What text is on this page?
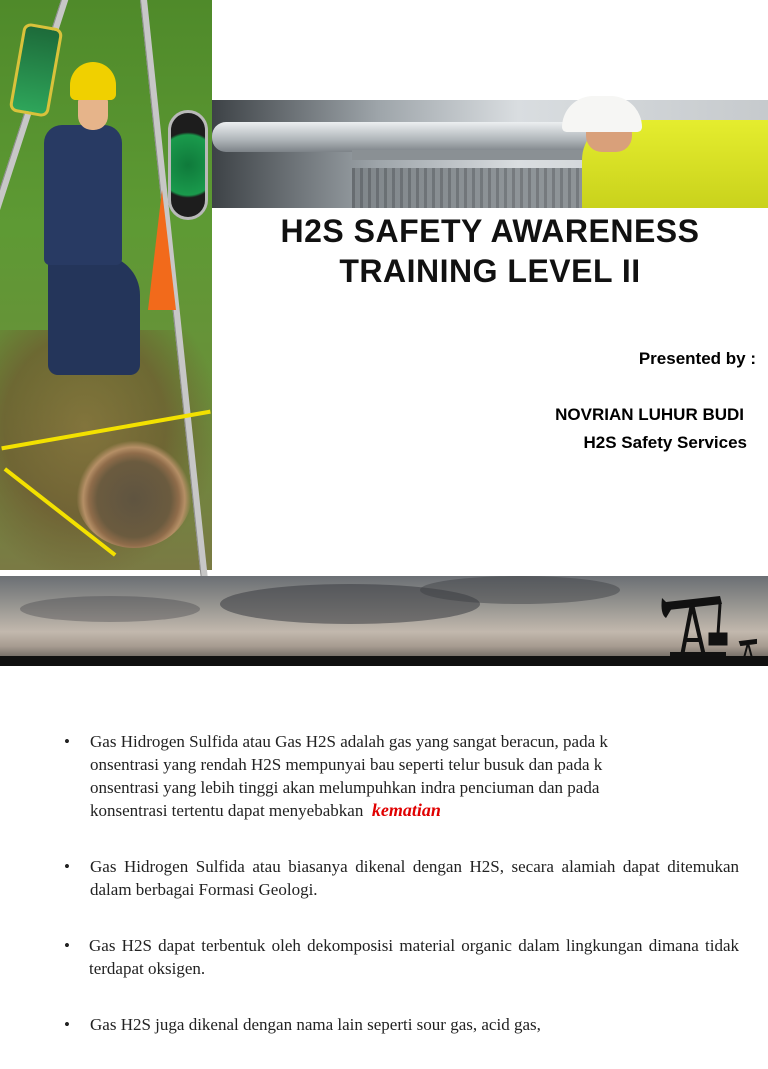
H2S SAFETY AWARENESS
TRAINING LEVEL II
Presented by :
NOVRIAN LUHUR BUDI
H2S Safety Services
• Gas Hidrogen Sulfida atau Gas H2S adalah gas yang sangat beracun, pada k
onsentrasi yang rendah H2S mempunyai bau seperti telur busuk dan pada k
onsentrasi yang lebih tinggi akan melumpuhkan indra penciuman dan pada
konsentrasi tertentu dapat menyebabkan  kematian
• Gas Hidrogen Sulfida atau biasanya dikenal dengan H2S, secara alamiah dapat ditemukan dalam berbagai Formasi Geologi.
• Gas H2S dapat terbentuk oleh dekomposisi material organic dalam lingkungan dimana tidak terdapat oksigen.
• Gas H2S juga dikenal dengan nama lain seperti sour gas, acid gas,
